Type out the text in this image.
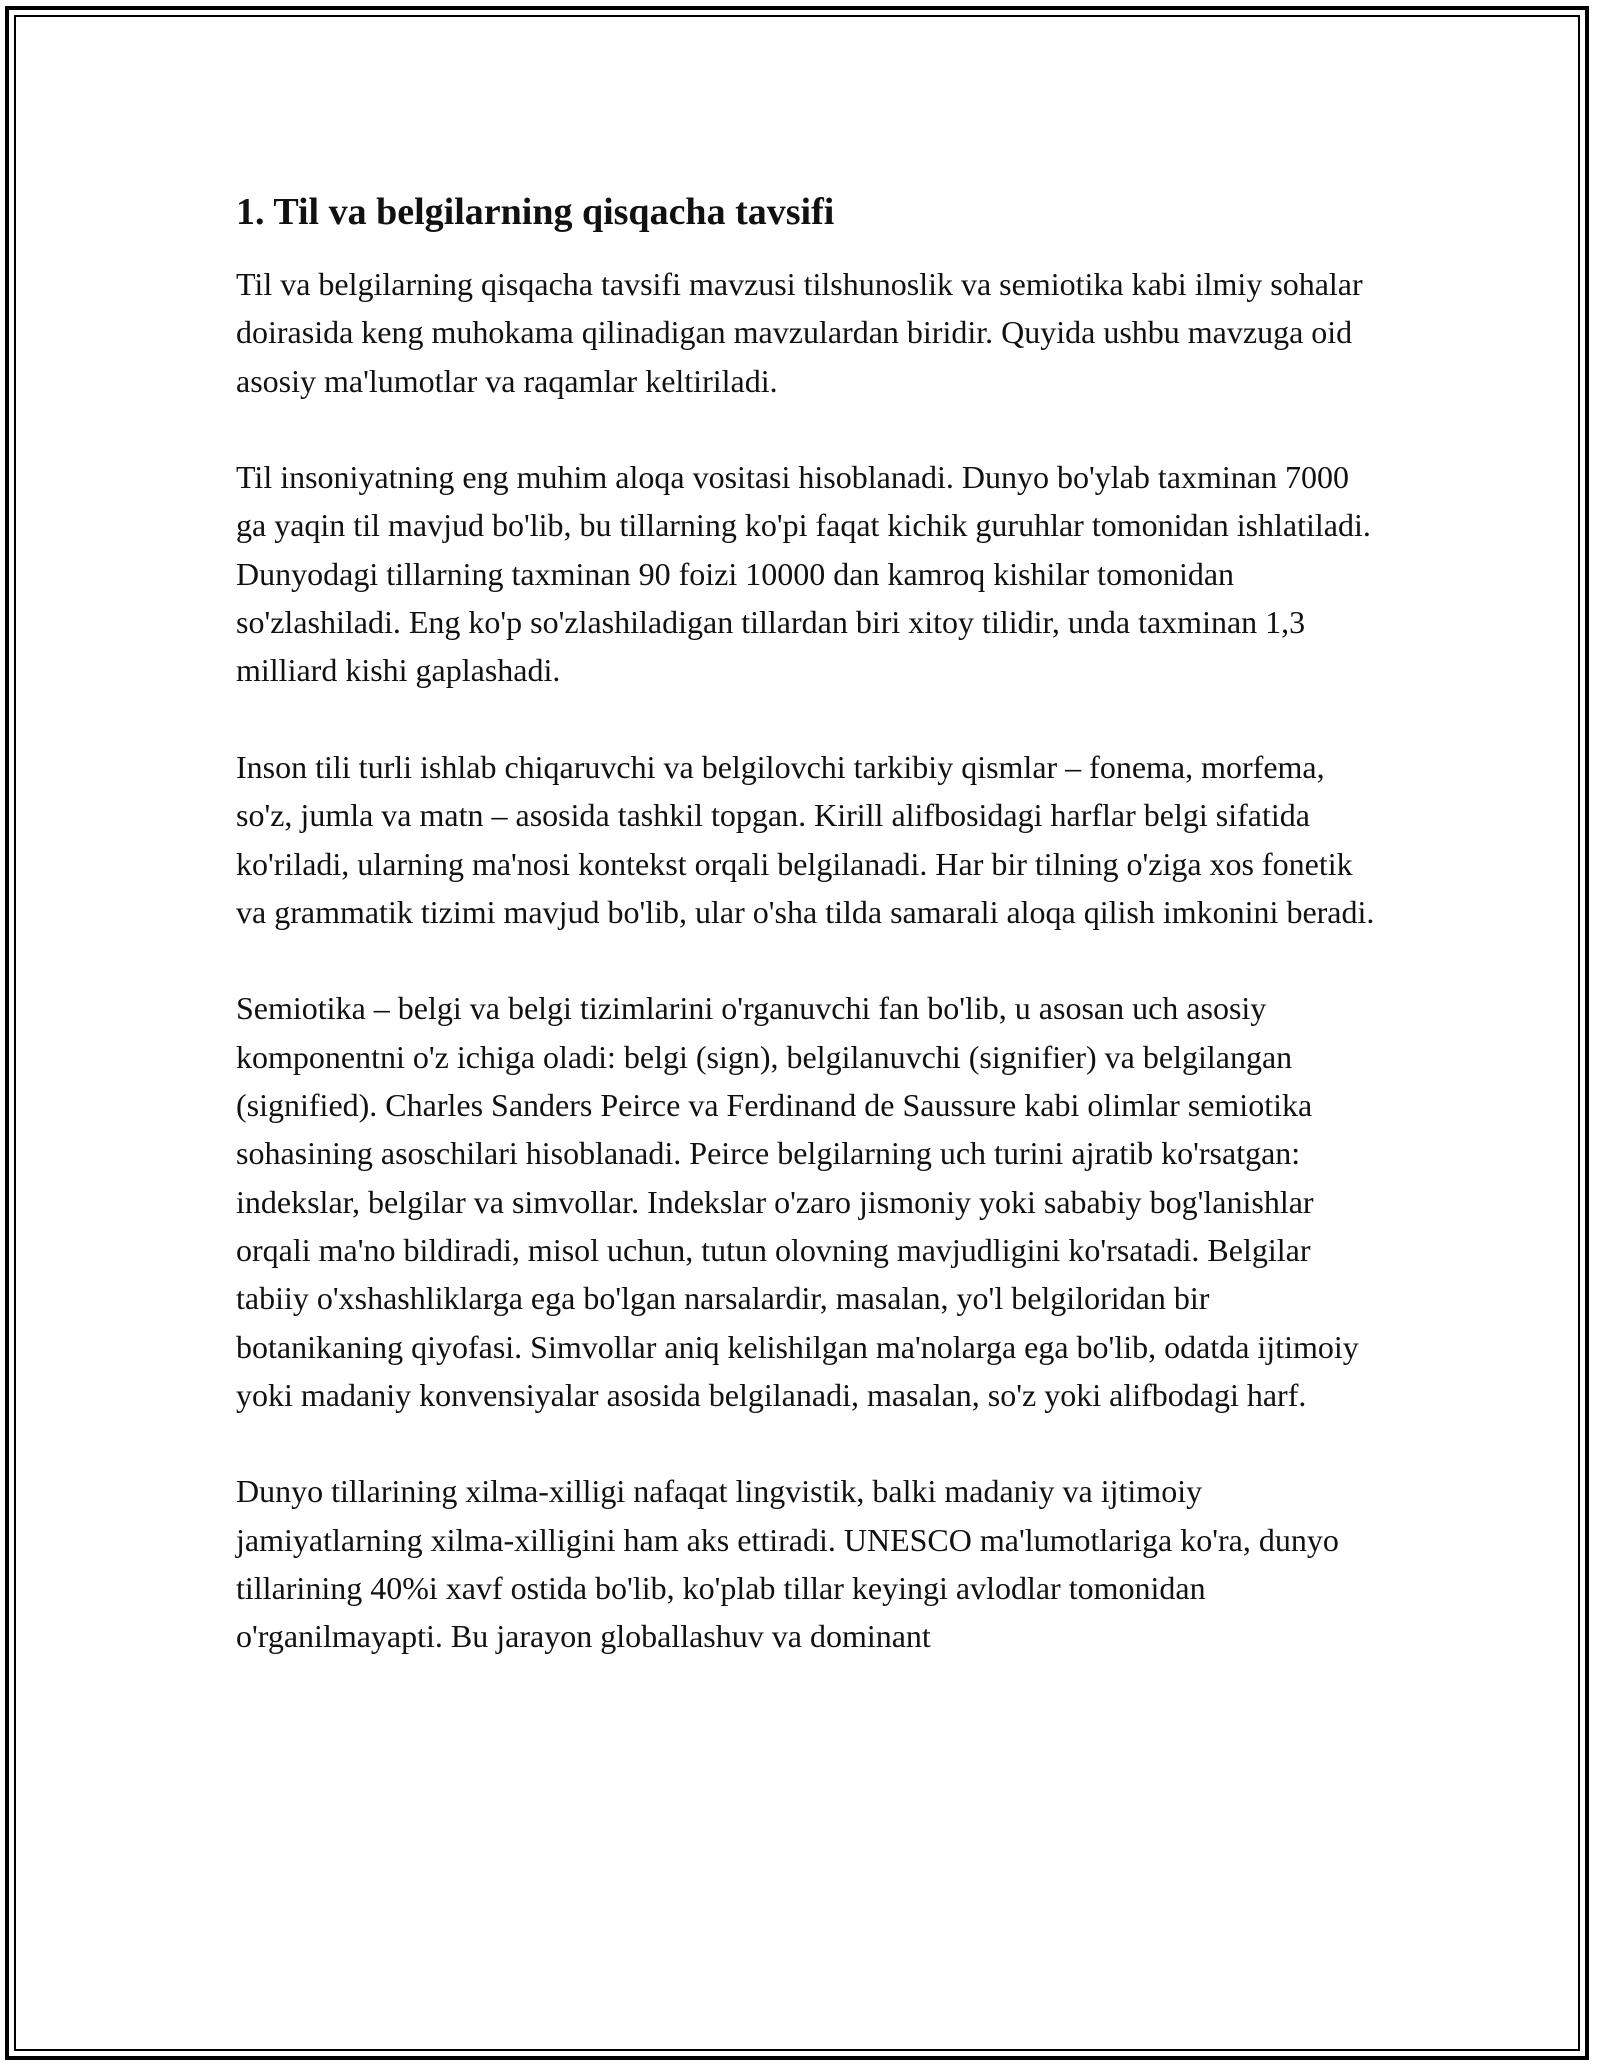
1. Til va belgilarning qisqacha tavsifi

Til va belgilarning qisqacha tavsifi mavzusi tilshunoslik va semiotika kabi ilmiy sohalar doirasida keng muhokama qilinadigan mavzulardan biridir. Quyida ushbu mavzuga oid asosiy ma'lumotlar va raqamlar keltiriladi.

Til insoniyatning eng muhim aloqa vositasi hisoblanadi. Dunyo bo'ylab taxminan 7000 ga yaqin til mavjud bo'lib, bu tillarning ko'pi faqat kichik guruhlar tomonidan ishlatiladi. Dunyodagi tillarning taxminan 90 foizi 10000 dan kamroq kishilar tomonidan so'zlashiladi. Eng ko'p so'zlashiladigan tillardan biri xitoy tilidir, unda taxminan 1,3 milliard kishi gaplashadi.

Inson tili turli ishlab chiqaruvchi va belgilovchi tarkibiy qismlar – fonema, morfema, so'z, jumla va matn – asosida tashkil topgan. Kirill alifbosidagi harflar belgi sifatida ko'riladi, ularning ma'nosi kontekst orqali belgilanadi. Har bir tilning o'ziga xos fonetik va grammatik tizimi mavjud bo'lib, ular o'sha tilda samarali aloqa qilish imkonini beradi.

Semiotika – belgi va belgi tizimlarini o'rganuvchi fan bo'lib, u asosan uch asosiy komponentni o'z ichiga oladi: belgi (sign), belgilanuvchi (signifier) va belgilangan (signified). Charles Sanders Peirce va Ferdinand de Saussure kabi olimlar semiotika sohasining asoschilari hisoblanadi. Peirce belgilarning uch turini ajratib ko'rsatgan: indekslar, belgilar va simvollar. Indekslar o'zaro jismoniy yoki sababiy bog'lanishlar orqali ma'no bildiradi, misol uchun, tutun olovning mavjudligini ko'rsatadi. Belgilar tabiiy o'xshashliklarga ega bo'lgan narsalardir, masalan, yo'l belgiloridan bir botanikaning qiyofasi. Simvollar aniq kelishilgan ma'nolarga ega bo'lib, odatda ijtimoiy yoki madaniy konvensiyalar asosida belgilanadi, masalan, so'z yoki alifbodagi harf.

Dunyo tillarining xilma-xilligi nafaqat lingvistik, balki madaniy va ijtimoiy jamiyatlarning xilma-xilligini ham aks ettiradi. UNESCO ma'lumotlariga ko'ra, dunyo tillarining 40%i xavf ostida bo'lib, ko'plab tillar keyingi avlodlar tomonidan o'rganilmayapti. Bu jarayon globallashuv va dominant
